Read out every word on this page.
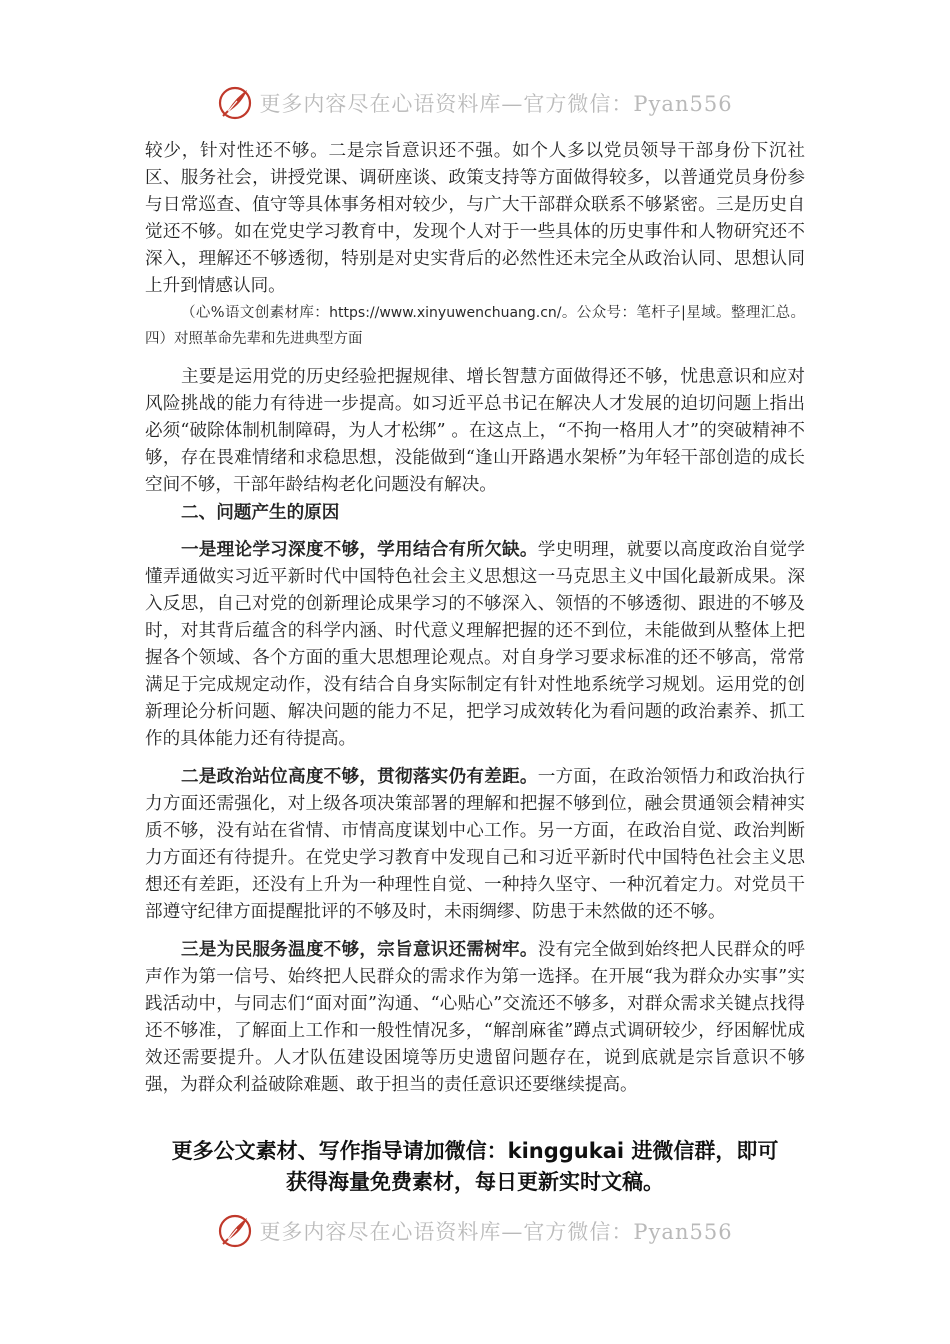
更多内容尽在心语资料库—官方微信：Pyan556

较少，针对性还不够。二是宗旨意识还不强。如个人多以党员领导干部身份下沉社区、服务社会，讲授党课、调研座谈、政策支持等方面做得较多，以普通党员身份参与日常巡查、值守等具体事务相对较少，与广大干部群众联系不够紧密。三是历史自觉还不够。如在党史学习教育中，发现个人对于一些具体的历史事件和人物研究还不深入，理解还不够透彻，特别是对史实背后的必然性还未完全从政治认同、思想认同上升到情感认同。

（心%语文创素材库：https://www.xinyuwenchuang.cn/。公众号：笔杆子|星域。整理汇总。四）对照革命先辈和先进典型方面

主要是运用党的历史经验把握规律、增长智慧方面做得还不够，忧患意识和应对风险挑战的能力有待进一步提高。如习近平总书记在解决人才发展的迫切问题上指出必须“破除体制机制障碍，为人才松绑” 。在这点上，“不拘一格用人才”的突破精神不够，存在畏难情绪和求稳思想，没能做到“逢山开路遇水架桥”为年轻干部创造的成长空间不够，干部年龄结构老化问题没有解决。

二、问题产生的原因

一是理论学习深度不够，学用结合有所欠缺。学史明理，就要以高度政治自觉学懂弄通做实习近平新时代中国特色社会主义思想这一马克思主义中国化最新成果。深入反思，自己对党的创新理论成果学习的不够深入、领悟的不够透彻、跟进的不够及时，对其背后蕴含的科学内涵、时代意义理解把握的还不到位，未能做到从整体上把握各个领域、各个方面的重大思想理论观点。对自身学习要求标准的还不够高，常常满足于完成规定动作，没有结合自身实际制定有针对性地系统学习规划。运用党的创新理论分析问题、解决问题的能力不足，把学习成效转化为看问题的政治素养、抓工作的具体能力还有待提高。

二是政治站位高度不够，贯彻落实仍有差距。一方面，在政治领悟力和政治执行力方面还需强化，对上级各项决策部署的理解和把握不够到位，融会贯通领会精神实质不够，没有站在省情、市情高度谋划中心工作。另一方面，在政治自觉、政治判断力方面还有待提升。在党史学习教育中发现自己和习近平新时代中国特色社会主义思想还有差距，还没有上升为一种理性自觉、一种持久坚守、一种沉着定力。对党员干部遵守纪律方面提醒批评的不够及时，未雨绸缪、防患于未然做的还不够。

三是为民服务温度不够，宗旨意识还需树牢。没有完全做到始终把人民群众的呼声作为第一信号、始终把人民群众的需求作为第一选择。在开展“我为群众办实事”实践活动中，与同志们“面对面”沟通、“心贴心”交流还不够多，对群众需求关键点找得还不够准，了解面上工作和一般性情况多，“解剖麻雀”蹲点式调研较少，纾困解忧成效还需要提升。人才队伍建设困境等历史遗留问题存在，说到底就是宗旨意识不够强，为群众利益破除难题、敢于担当的责任意识还要继续提高。

更多公文素材、写作指导请加微信：kinggukai 进微信群，即可
获得海量免费素材，每日更新实时文稿。
更多内容尽在心语资料库—官方微信：Pyan556
